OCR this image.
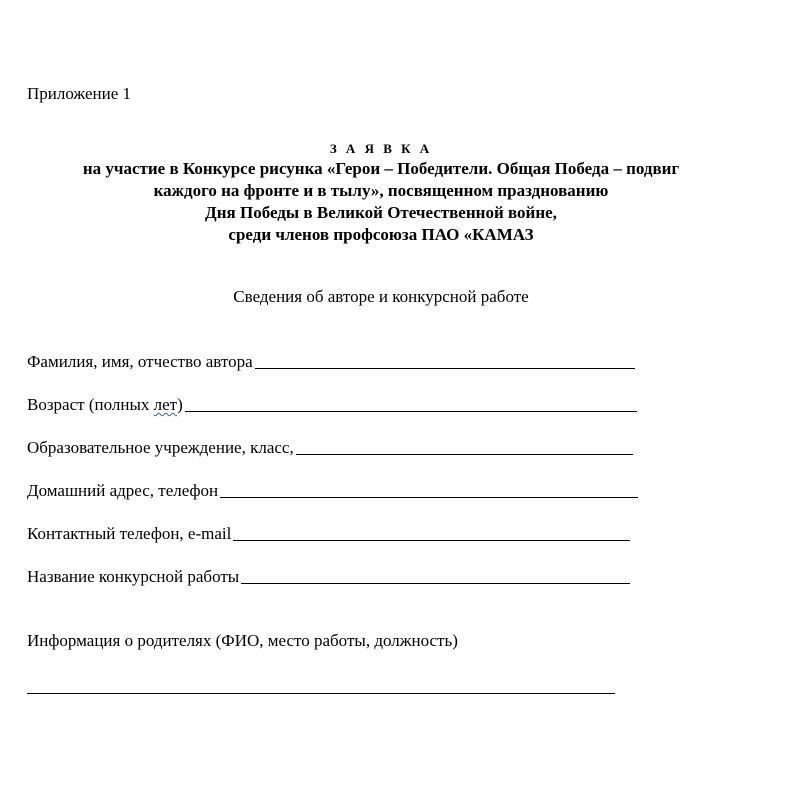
Приложение 1
З А Я В К А
на участие в Конкурсе рисунка «Герои – Победители. Общая Победа – подвиг
каждого на фронте и в тылу», посвященном празднованию
Дня Победы в Великой Отечественной войне,
среди членов профсоюза ПАО «КАМАЗ
Сведения об авторе и конкурсной работе
Фамилия, имя, отчество автора
Возраст (полных лет)
Образовательное учреждение, класс,
Домашний адрес, телефон
Контактный телефон, e-mail
Название конкурсной работы
Информация о родителях (ФИО, место работы, должность)
